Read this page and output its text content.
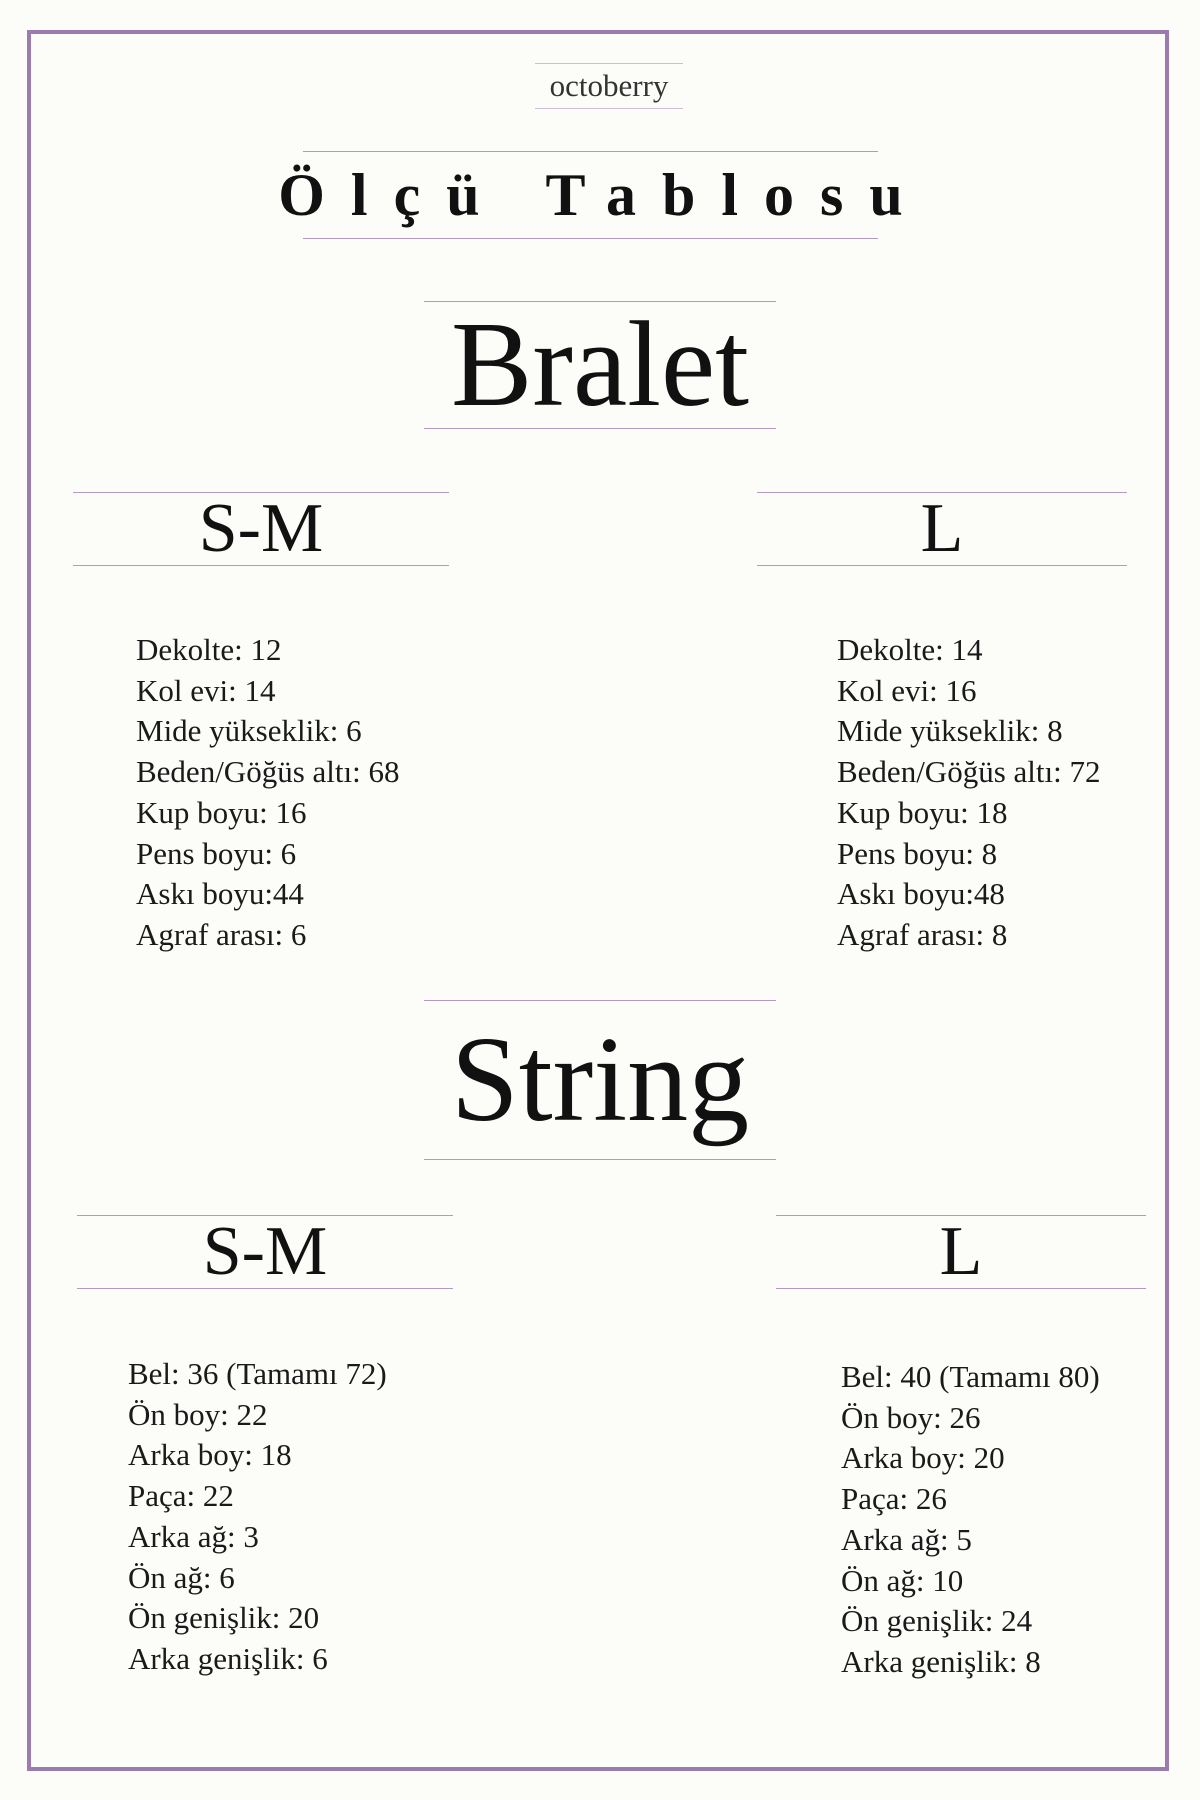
octoberry
Ölçü Tablosu
Bralet
S-M	L
Dekolte: 12
Kol evi: 14
Mide yükseklik: 6
Beden/Göğüs altı: 68
Kup boyu: 16
Pens boyu: 6
Askı boyu:44
Agraf arası: 6
Dekolte: 14
Kol evi: 16
Mide yükseklik: 8
Beden/Göğüs altı: 72
Kup boyu: 18
Pens boyu: 8
Askı boyu:48
Agraf arası: 8
String
S-M	L
Bel: 36 (Tamamı 72)
Ön boy: 22
Arka boy: 18
Paça: 22
Arka ağ: 3
Ön ağ: 6
Ön genişlik: 20
Arka genişlik: 6
Bel: 40 (Tamamı 80)
Ön boy: 26
Arka boy: 20
Paça: 26
Arka ağ: 5
Ön ağ: 10
Ön genişlik: 24
Arka genişlik: 8
